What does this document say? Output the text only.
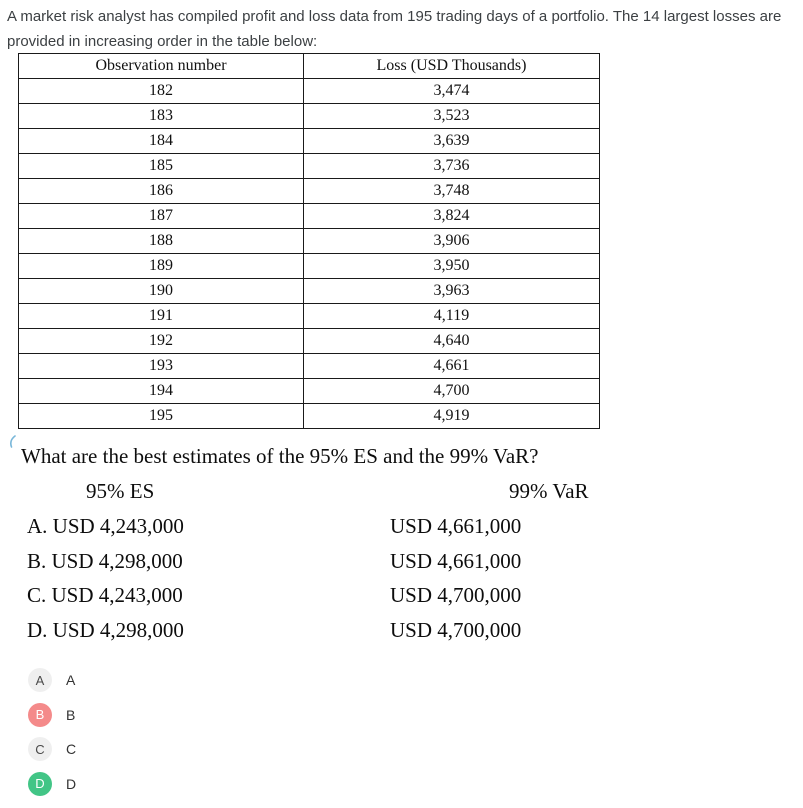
A market risk analyst has compiled profit and loss data from 195 trading days of a portfolio. The 14 largest losses are provided in increasing order in the table below:

Observation number	Loss (USD Thousands)
182	3,474
183	3,523
184	3,639
185	3,736
186	3,748
187	3,824
188	3,906
189	3,950
190	3,963
191	4,119
192	4,640
193	4,661
194	4,700
195	4,919
What are the best estimates of the 95% ES and the 99% VaR?
95% ES	99% VaR
A. USD 4,243,000	USD 4,661,000
B. USD 4,298,000	USD 4,661,000
C. USD 4,243,000	USD 4,700,000
D. USD 4,298,000	USD 4,700,000
A	A
B	B
C	C
D	D
